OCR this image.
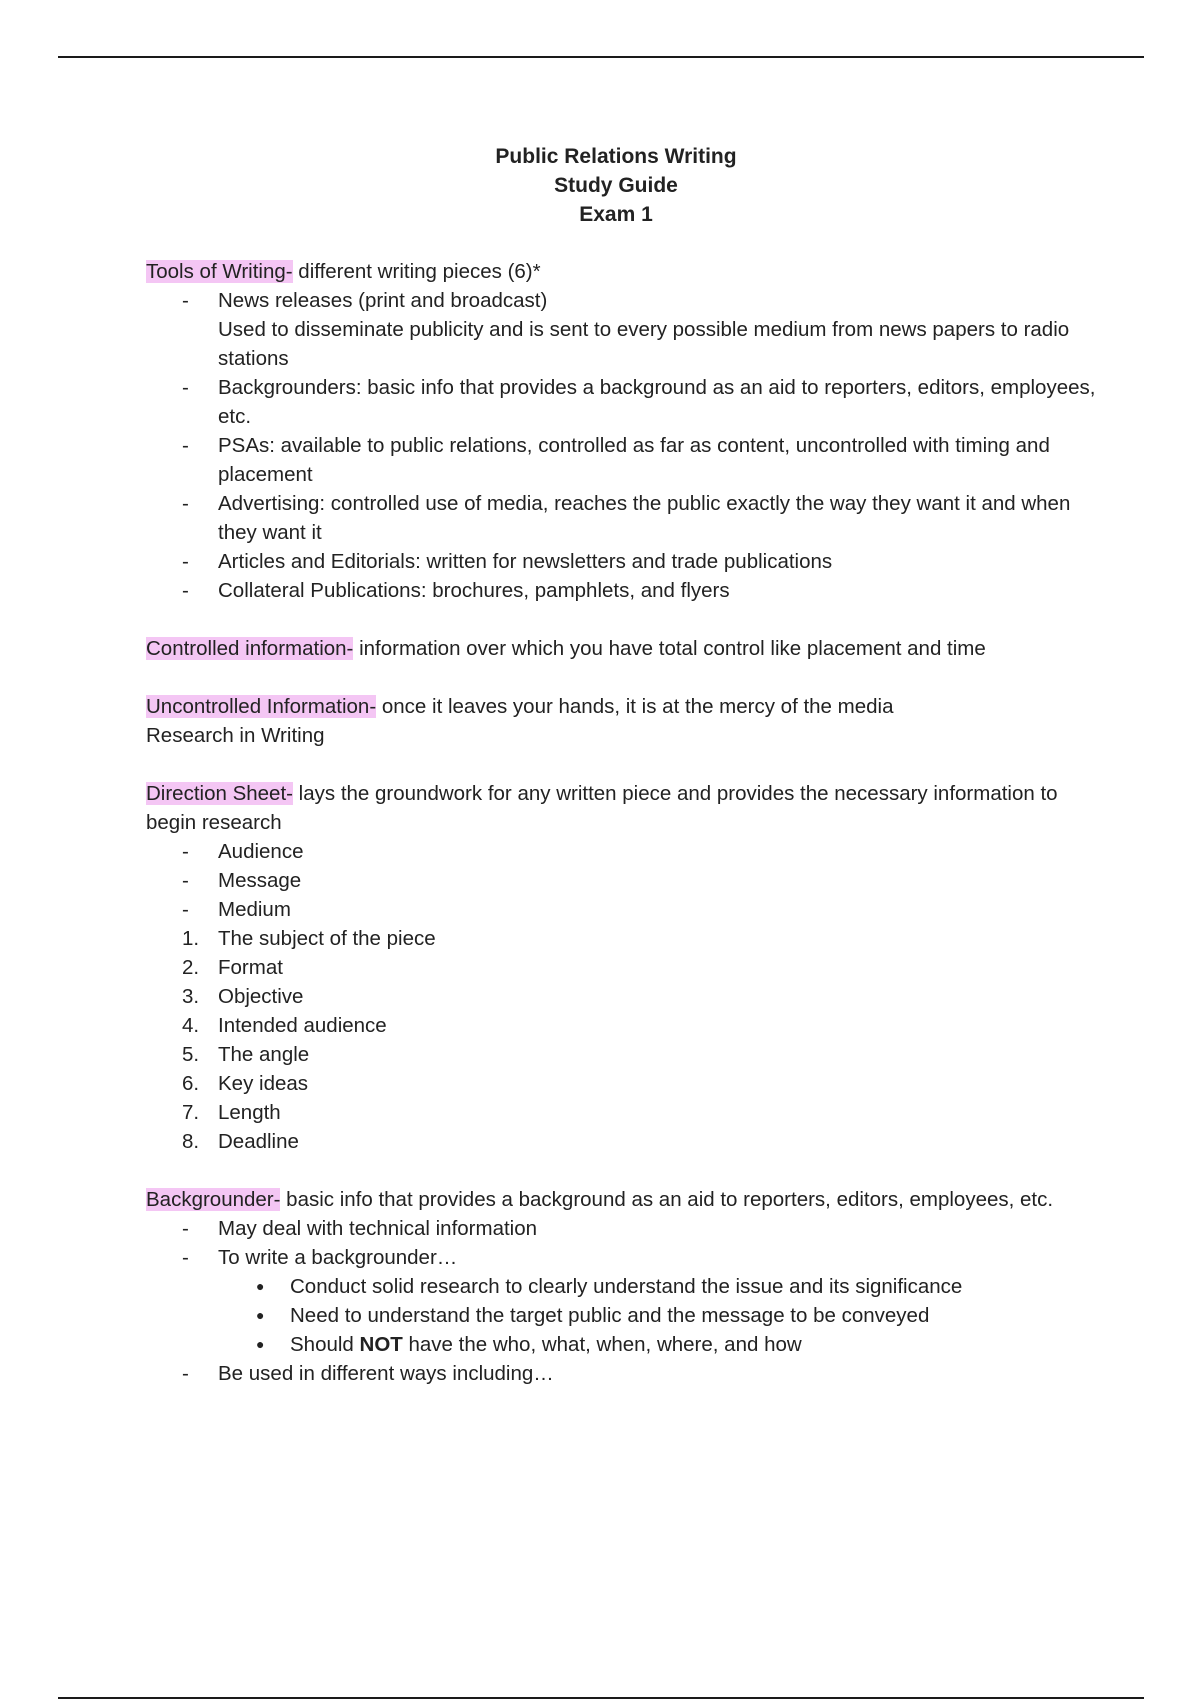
Public Relations Writing
Study Guide
Exam 1

Tools of Writing- different writing pieces (6)*

- News releases (print and broadcast)
Used to disseminate publicity and is sent to every possible medium from news papers to radio stations
- Backgrounders: basic info that provides a background as an aid to reporters, editors, employees, etc.
- PSAs: available to public relations, controlled as far as content, uncontrolled with timing and placement
- Advertising: controlled use of media, reaches the public exactly the way they want it and when they want it
- Articles and Editorials: written for newsletters and trade publications
- Collateral Publications: brochures, pamphlets, and flyers

Controlled information- information over which you have total control like placement and time

Uncontrolled Information- once it leaves your hands, it is at the mercy of the media

Research in Writing

Direction Sheet- lays the groundwork for any written piece and provides the necessary information to begin research

- Audience
- Message
- Medium
1. The subject of the piece
2. Format
3. Objective
4. Intended audience
5. The angle
6. Key ideas
7. Length
8. Deadline

Backgrounder- basic info that provides a background as an aid to reporters, editors, employees, etc.

- May deal with technical information
- To write a backgrounder…
● Conduct solid research to clearly understand the issue and its significance
● Need to understand the target public and the message to be conveyed
● Should NOT have the who, what, when, where, and how
- Be used in different ways including…
